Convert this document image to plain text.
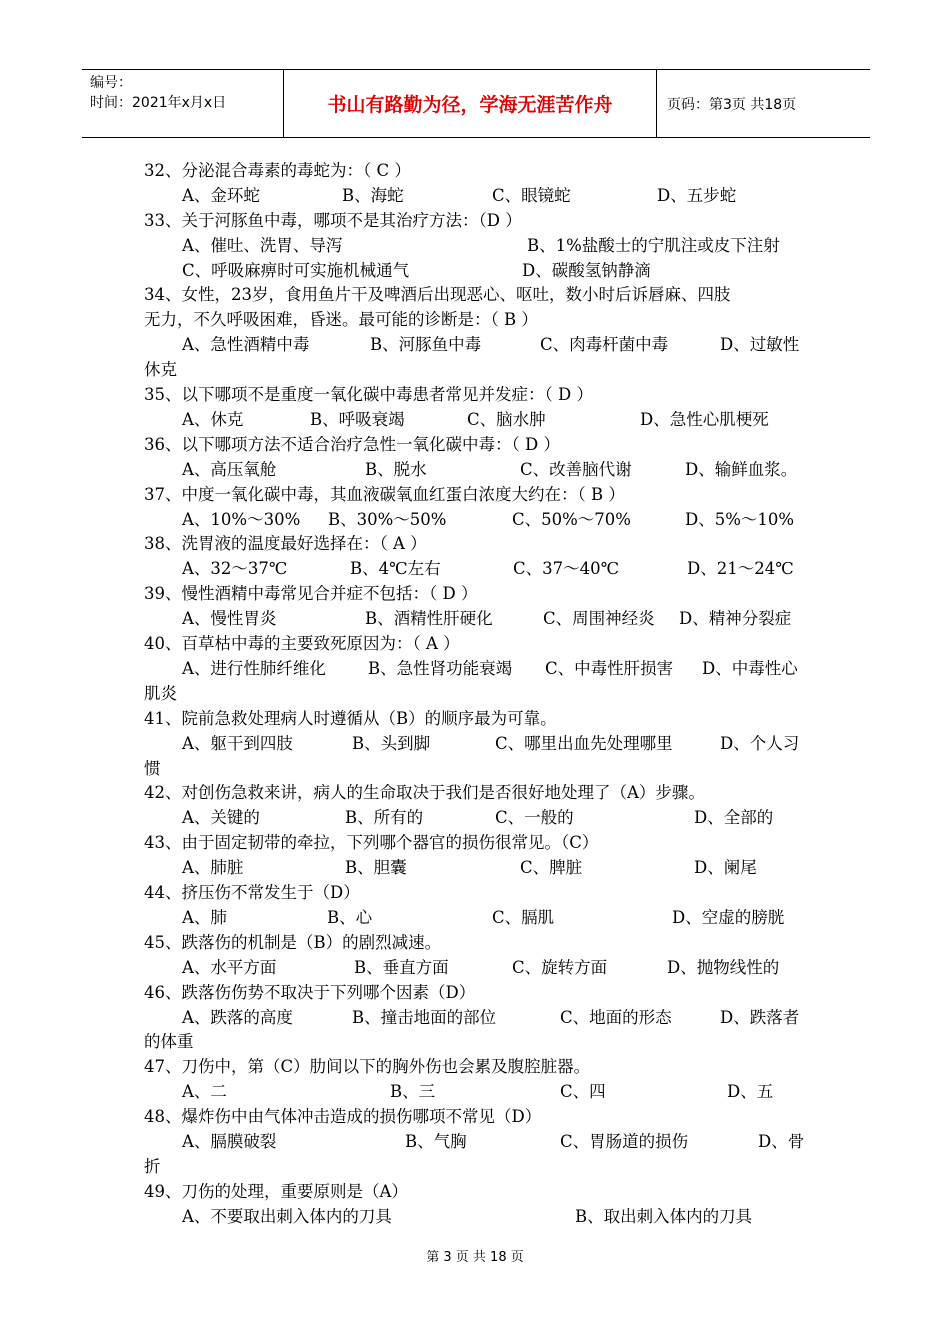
编号：
时间：2021年x月x日	书山有路勤为径，学海无涯苦作舟	页码：第3页 共18页

32、分泌混合毒素的毒蛇为：（ C ）

A、金环蛇	B、海蛇	C、眼镜蛇	D、五步蛇

33、关于河豚鱼中毒，哪项不是其治疗方法：（D ）

A、催吐、洗胃、导泻	B、1%盐酸士的宁肌注或皮下注射
C、呼吸麻痹时可实施机械通气	D、碳酸氢钠静滴

34、女性，23岁，食用鱼片干及啤酒后出现恶心、呕吐，数小时后诉唇麻、四肢

无力，不久呼吸困难，昏迷。最可能的诊断是：（ B ）

A、急性酒精中毒	B、河豚鱼中毒	C、肉毒杆菌中毒	D、过敏性

休克

35、以下哪项不是重度一氧化碳中毒患者常见并发症：（ D ）

A、休克	B、呼吸衰竭	C、脑水肿	D、急性心肌梗死

36、以下哪项方法不适合治疗急性一氧化碳中毒：（ D ）

A、高压氧舱	B、脱水	C、改善脑代谢	D、输鲜血浆。

37、中度一氧化碳中毒，其血液碳氧血红蛋白浓度大约在：（ B ）

A、10%～30% B、30%～50%	C、50%～70%	D、5%～10%

38、洗胃液的温度最好选择在：（ A ）

A、32～37℃	B、4℃左右	C、37～40℃	D、21～24℃

39、慢性酒精中毒常见合并症不包括：（ D ）

A、慢性胃炎	B、酒精性肝硬化	C、周围神经炎 D、精神分裂症

40、百草枯中毒的主要致死原因为：（ A ）

A、进行性肺纤维化	B、急性肾功能衰竭 C、中毒性肝损害 D、中毒性心

肌炎

41、院前急救处理病人时遵循从（B）的顺序最为可靠。

A、躯干到四肢	B、头到脚	C、哪里出血先处理哪里	D、个人习

惯

42、对创伤急救来讲，病人的生命取决于我们是否很好地处理了（A）步骤。

A、关键的	B、所有的	C、一般的	D、全部的

43、由于固定韧带的牵拉，下列哪个器官的损伤很常见。（C）

A、肺脏	B、胆囊	C、脾脏	D、阑尾

44、挤压伤不常发生于（D）

A、肺	B、心	C、膈肌	D、空虚的膀胱

45、跌落伤的机制是（B）的剧烈减速。

A、水平方面	B、垂直方面	C、旋转方面	D、抛物线性的

46、跌落伤伤势不取决于下列哪个因素（D）

A、跌落的高度	B、撞击地面的部位	C、地面的形态	D、跌落者

的体重

47、刀伤中，第（C）肋间以下的胸外伤也会累及腹腔脏器。

A、二	B、三	C、四	D、五

48、爆炸伤中由气体冲击造成的损伤哪项不常见（D）

A、膈膜破裂	B、气胸	C、胃肠道的损伤	D、骨

折

49、刀伤的处理，重要原则是（A）

A、不要取出刺入体内的刀具	B、取出刺入体内的刀具
第 3 页 共 18 页
